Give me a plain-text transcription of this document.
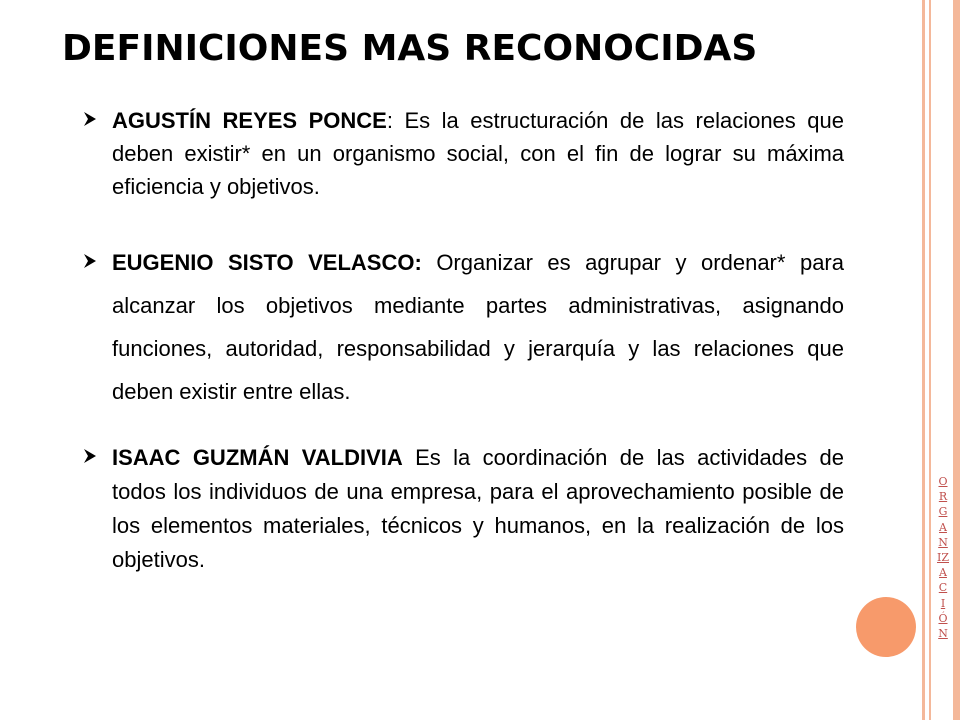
DEFINICIONES MAS RECONOCIDAS
AGUSTÍN REYES PONCE: Es la estructuración de las relaciones que deben existir* en un organismo social, con el fin de lograr su máxima eficiencia y objetivos.
EUGENIO SISTO VELASCO: Organizar es agrupar y ordenar* para alcanzar los objetivos mediante partes administrativas, asignando funciones, autoridad, responsabilidad y jerarquía y las relaciones que deben existir entre ellas.
ISAAC GUZMÁN VALDIVIA Es la coordinación de las actividades de todos los individuos de una empresa, para el aprovechamiento posible de los elementos materiales, técnicos y humanos, en la realización de los objetivos.
ORGANIZACIÓN
